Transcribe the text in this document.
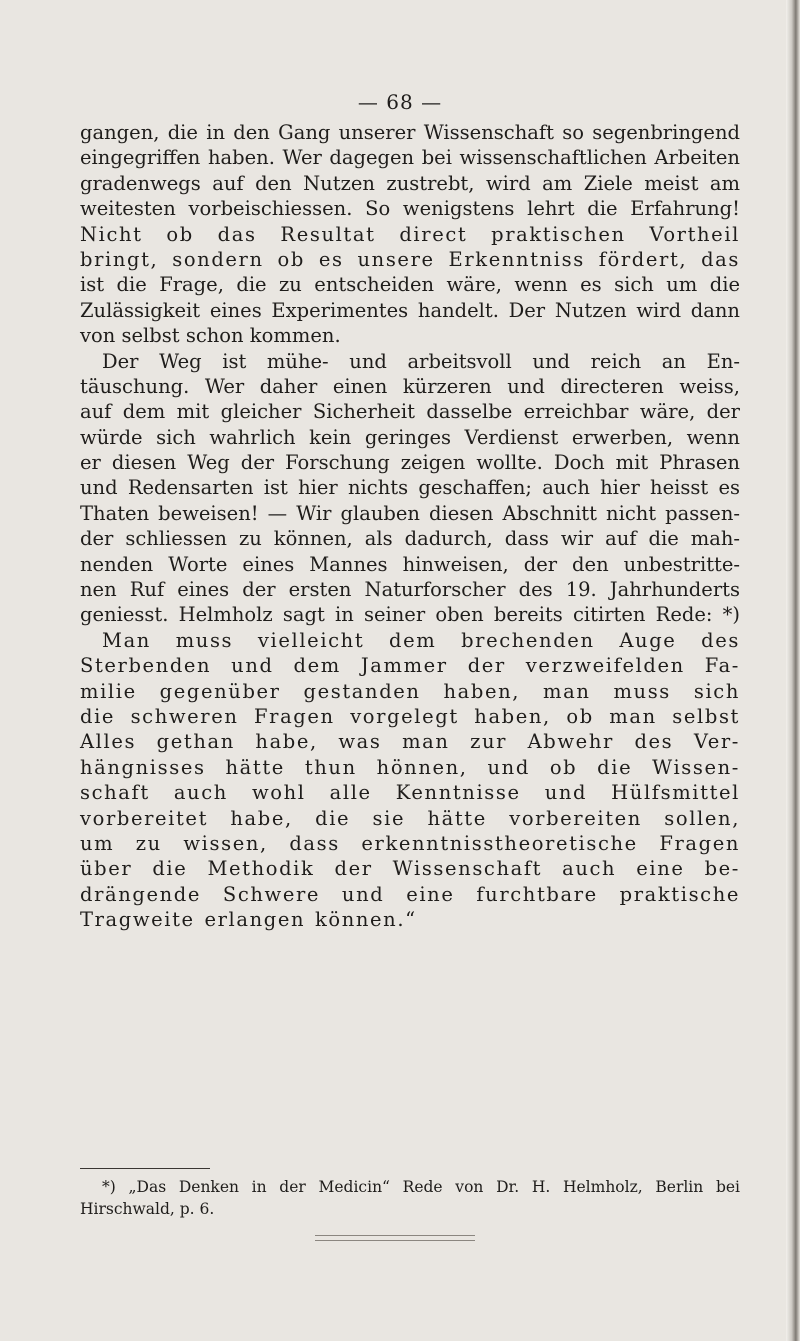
— 68 —
gangen, die in den Gang unserer Wissenschaft so segenbringend
eingegriffen haben. Wer dagegen bei wissenschaftlichen Arbeiten
gradenwegs auf den Nutzen zustrebt, wird am Ziele meist am
weitesten vorbeischiessen. So wenigstens lehrt die Erfahrung!
Nicht ob das Resultat direct praktischen Vortheil
bringt, sondern ob es unsere Erkenntniss fördert, das
ist die Frage, die zu entscheiden wäre, wenn es sich um die
Zulässigkeit eines Experimentes handelt. Der Nutzen wird dann
von selbst schon kommen.
Der Weg ist mühe- und arbeitsvoll und reich an En-
täuschung. Wer daher einen kürzeren und directeren weiss,
auf dem mit gleicher Sicherheit dasselbe erreichbar wäre, der
würde sich wahrlich kein geringes Verdienst erwerben, wenn
er diesen Weg der Forschung zeigen wollte. Doch mit Phrasen
und Redensarten ist hier nichts geschaffen; auch hier heisst es
Thaten beweisen! — Wir glauben diesen Abschnitt nicht passen-
der schliessen zu können, als dadurch, dass wir auf die mah-
nenden Worte eines Mannes hinweisen, der den unbestritte-
nen Ruf eines der ersten Naturforscher des 19. Jahrhunderts
geniesst. Helmholz sagt in seiner oben bereits citirten Rede: *)
Man muss vielleicht dem brechenden Auge des
Sterbenden und dem Jammer der verzweifelden Fa-
milie gegenüber gestanden haben, man muss sich
die schweren Fragen vorgelegt haben, ob man selbst
Alles gethan habe, was man zur Abwehr des Ver-
hängnisses hätte thun hönnen, und ob die Wissen-
schaft auch wohl alle Kenntnisse und Hülfsmittel
vorbereitet habe, die sie hätte vorbereiten sollen,
um zu wissen, dass erkenntnisstheoretische Fragen
über die Methodik der Wissenschaft auch eine be-
drängende Schwere und eine furchtbare praktische
Tragweite erlangen können.“
*) „Das Denken in der Medicin“ Rede von Dr. H. Helmholz, Berlin bei
Hirschwald, p. 6.
